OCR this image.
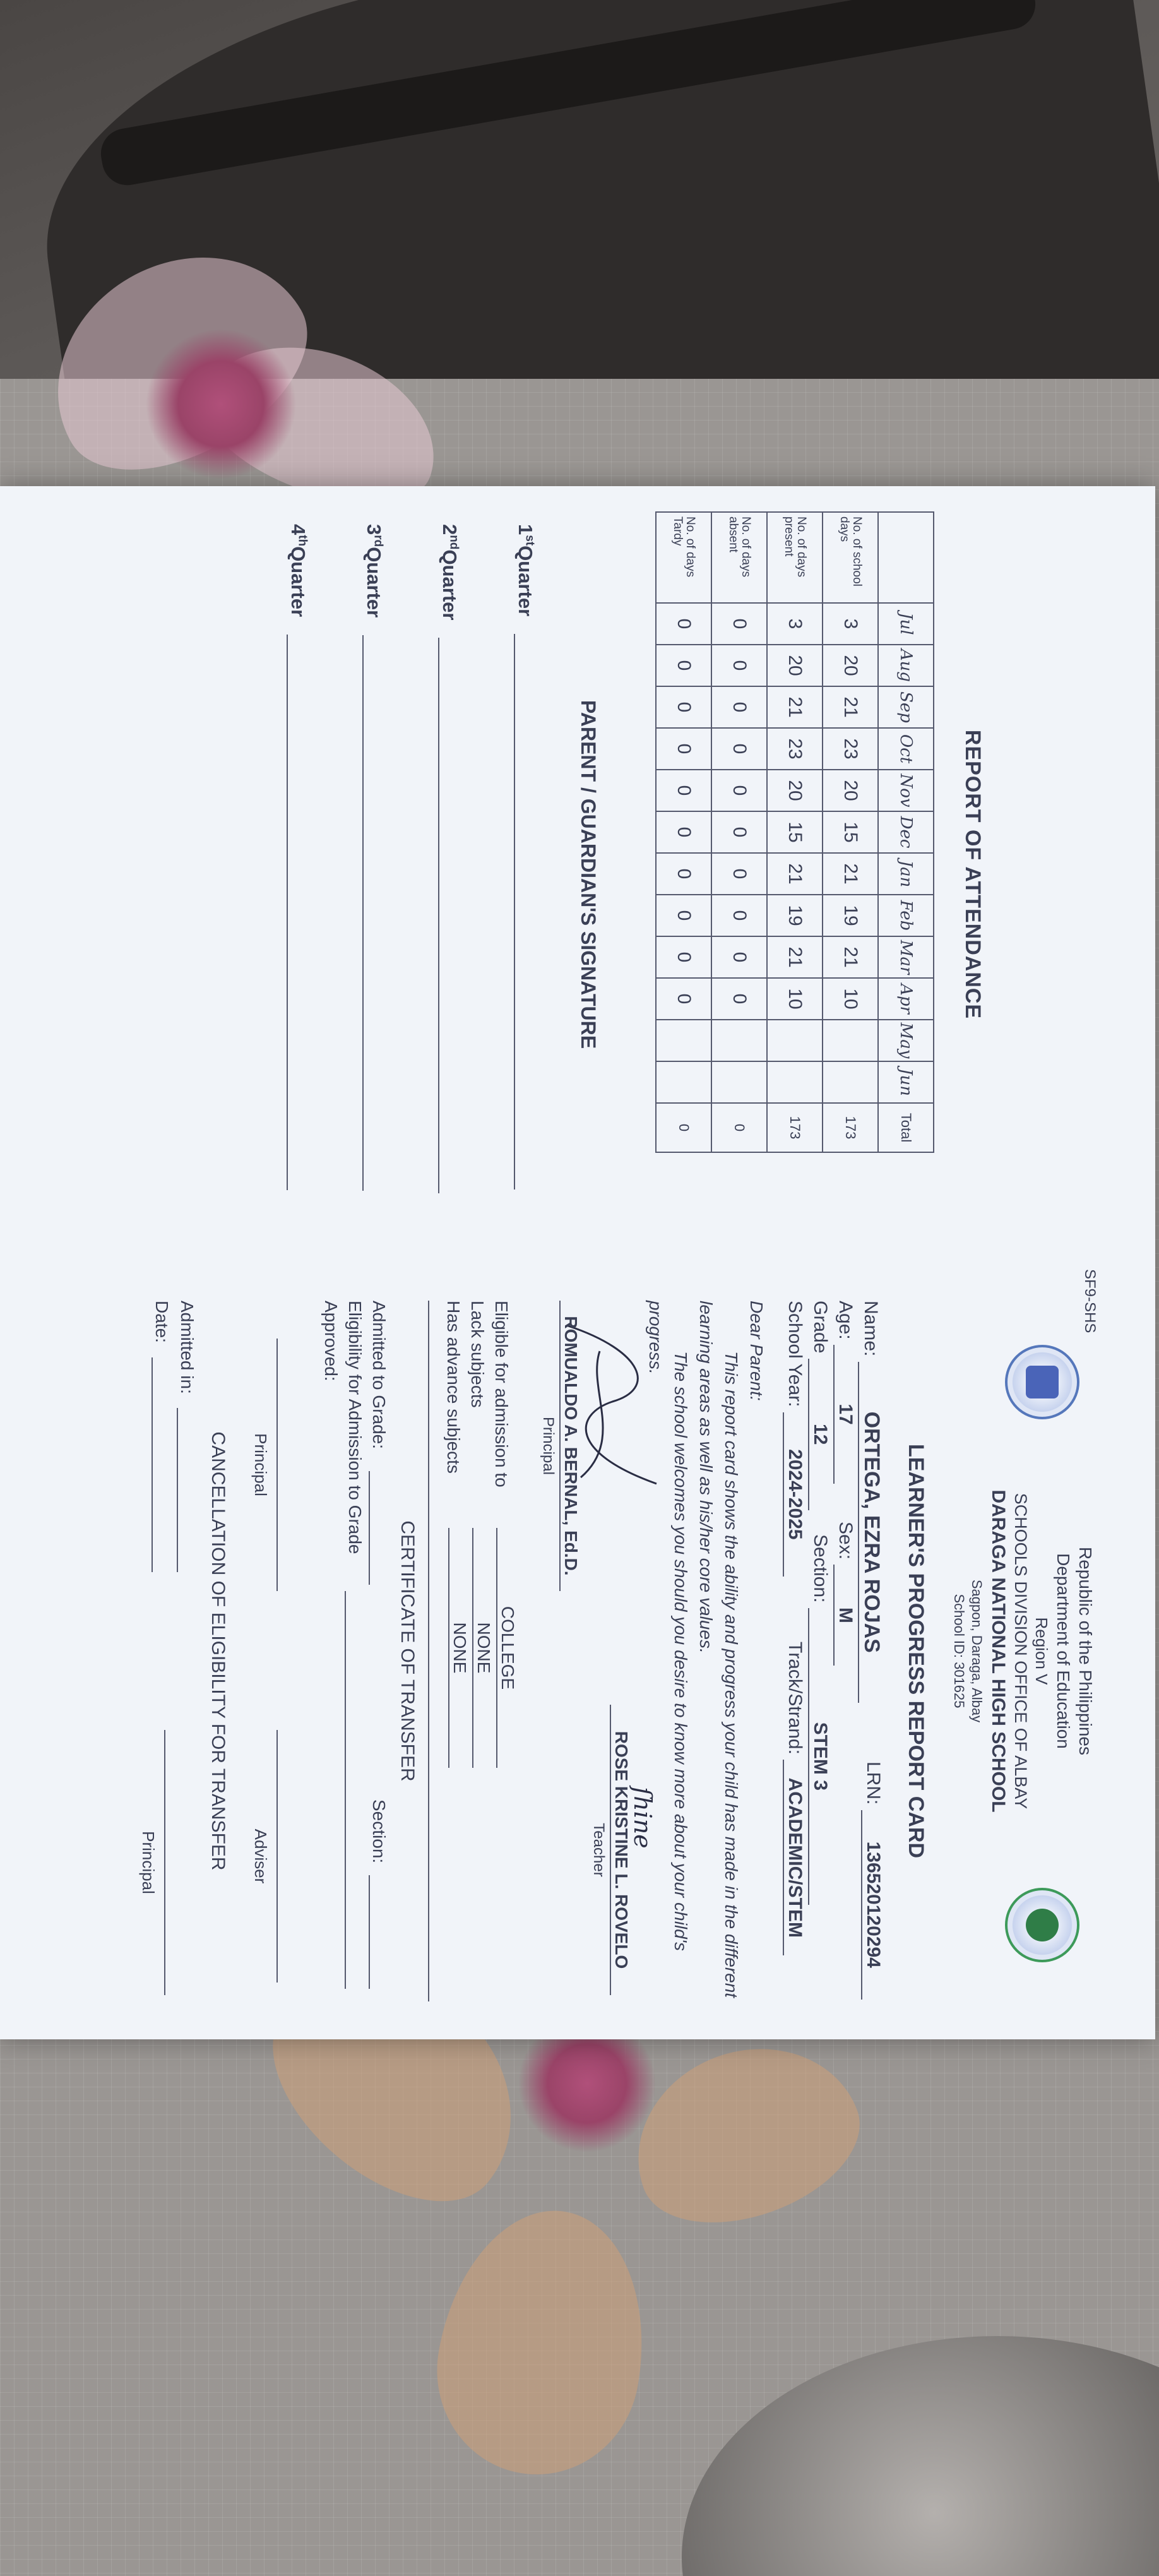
REPORT OF ATTENDANCE
	Jul	Aug	Sep	Oct	Nov	Dec	Jan	Feb	Mar	Apr	May	Jun	Total
No. of school days	3	20	21	23	20	15	21	19	21	10			173
No. of days present	3	20	21	23	20	15	21	19	21	10			173
No. of days absent	0	0	0	0	0	0	0	0	0	0			0
No. of days Tardy	0	0	0	0	0	0	0	0	0	0			0
PARENT / GUARDIAN'S SIGNATURE
1stQuarter
2ndQuarter
3rdQuarter
4thQuarter
SF9-SHS
Republic of the Philippines
Department of Education
Region V
SCHOOLS DIVISION OFFICE OF ALBAY
DARAGA NATIONAL HIGH SCHOOL
Sagpon, Daraga, Albay
School ID: 301625
LEARNER'S PROGRESS REPORT CARD
Name: ORTEGA, EZRA ROJAS
LRN: 136520120294
Age: 17
Sex: M
Grade 12
Section: STEM 3
School Year: 2024-2025
Track/Strand: ACADEMIC/STEM
Dear Parent:
This report card shows the ability and progress your child has made in the different learning areas as well as his/her core values.
The school welcomes you should you desire to know more about your child's progress.
ſhine
ROSE KRISTINE L. ROVELO
Teacher
ROMUALDO A. BERNAL, Ed.D.
Principal
Eligible for admission to
COLLEGE
Lack subjects
NONE
Has advance subjects
NONE
CERTIFICATE OF TRANSFER
Admitted to Grade:
Section:
Eligibility for Admission to Grade
Approved:
Principal
Adviser
CANCELLATION OF ELIGIBILITY FOR TRANSFER
Admitted in:
Date:
Principal
